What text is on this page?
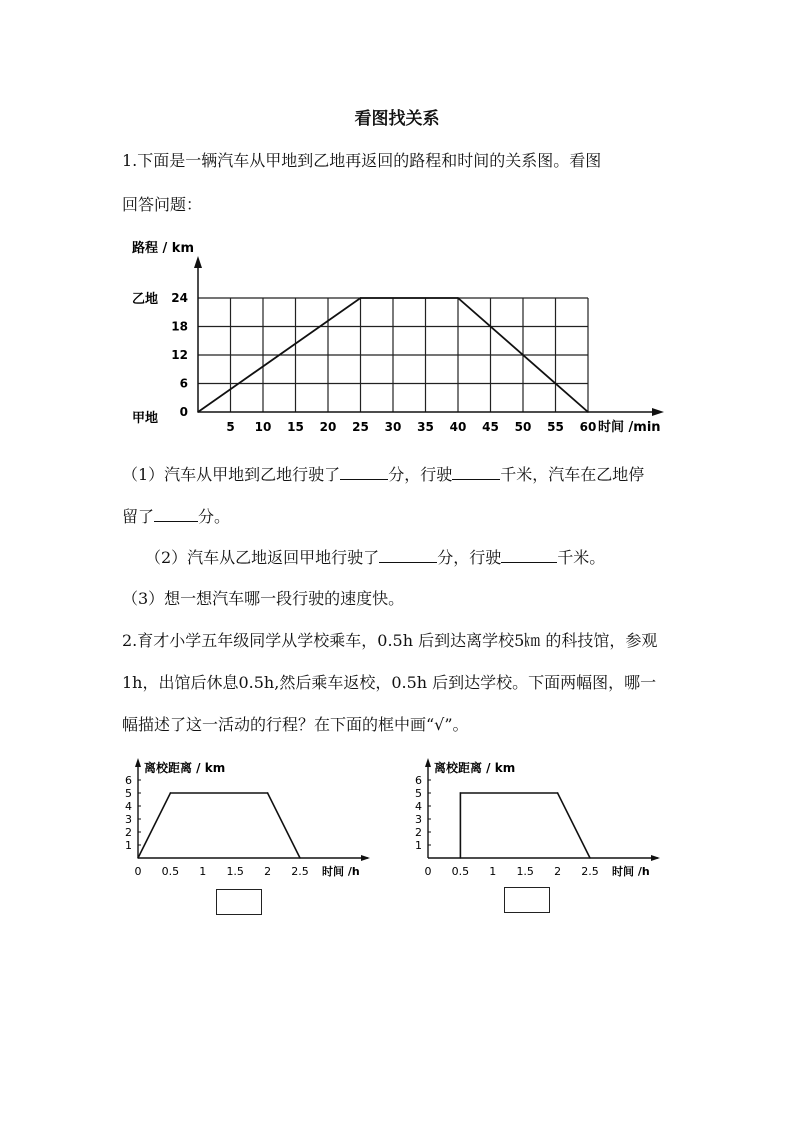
看图找关系
1.下面是一辆汽车从甲地到乙地再返回的路程和时间的关系图。看图
回答问题：
路程 / km
时间 /min
5 10 15 20 25 30 35 40 45 50 55 60
0
6
12
18
24
乙地
甲地
（1）汽车从甲地到乙地行驶了	分，行驶	千米，汽车在乙地停
留了	分。
（2）汽车从乙地返回甲地行驶了	分，行驶	千米。
（3）想一想汽车哪一段行驶的速度快。
2.育才小学五年级同学从学校乘车，0.5h 后到达离学校5㎞ 的科技馆，参观
1h，出馆后休息0.5h,然后乘车返校，0.5h 后到达学校。下面两幅图，哪一
幅描述了这一活动的行程？在下面的框中画“√”。
离校距离 / km
时间 /h
1
2
3
4
5
6
0 0.5 1 1.5 2 2.5
离校距离 / km
时间 /h
1
2
3
4
5
6
0 0.5 1 1.5 2 2.5
